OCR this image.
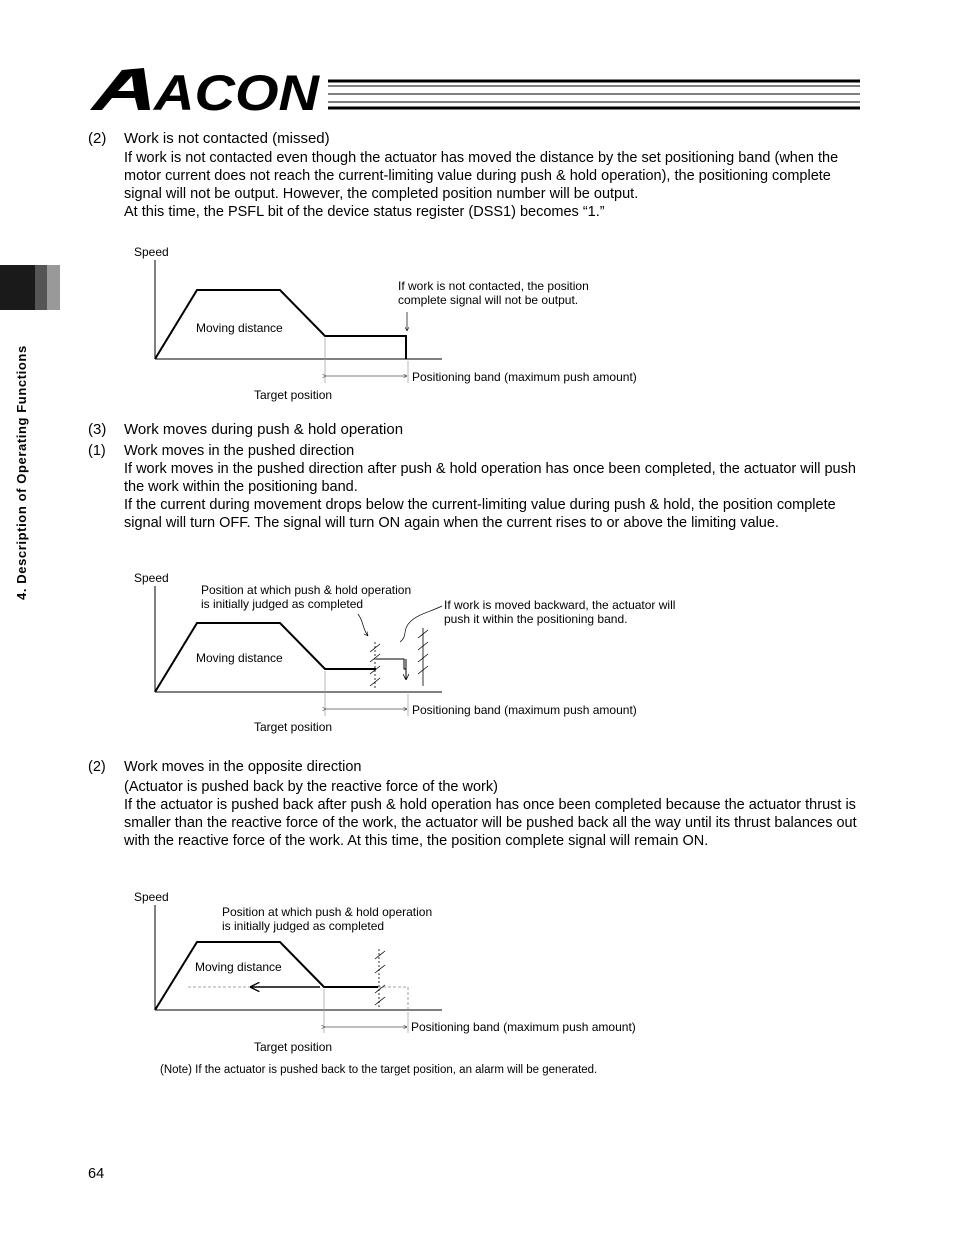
ACON
4. Description of Operating Functions
(2) Work is not contacted (missed)
If work is not contacted even though the actuator has moved the distance by the set positioning band (when the motor current does not reach the current-limiting value during push & hold operation), the positioning complete signal will not be output. However, the completed position number will be output.
At this time, the PSFL bit of the device status register (DSS1) becomes “1.”
Speed
Moving distance
Positioning band (maximum push amount)
Target position
If work is not contacted, the position
complete signal will not be output.
(3) Work moves during push & hold operation
(1) Work moves in the pushed direction
If work moves in the pushed direction after push & hold operation has once been completed, the actuator will push the work within the positioning band.
If the current during movement drops below the current-limiting value during push & hold, the position complete signal will turn OFF. The signal will turn ON again when the current rises to or above the limiting value.
Speed
Moving distance
Position at which push & hold operation
is initially judged as completed	If work is moved backward, the actuator will
push it within the positioning band.
Positioning band (maximum push amount)
Target position
(2) Work moves in the opposite direction
(Actuator is pushed back by the reactive force of the work)
If the actuator is pushed back after push & hold operation has once been completed because the actuator thrust is smaller than the reactive force of the work, the actuator will be pushed back all the way until its thrust balances out with the reactive force of the work. At this time, the position complete signal will remain ON.
Speed
Moving distance
Position at which push & hold operation
is initially judged as completed
Positioning band (maximum push amount)
Target position
(Note) If the actuator is pushed back to the target position, an alarm will be generated.
64
